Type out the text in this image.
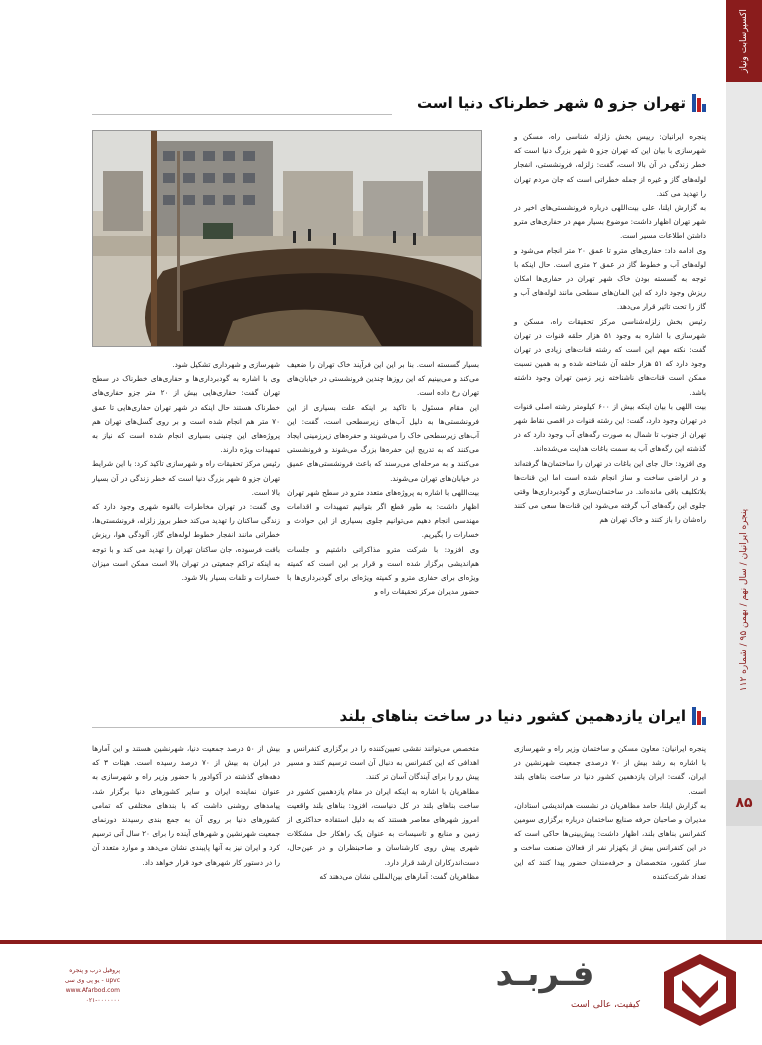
اکسپرسابت ونیاز
پنجره ایرانیان / سال نهم / بهمن ۹۵ / شماره ۱۱۲
۸۵
تهران جزو ۵ شهر خطرناک دنیا است

پنجره ایرانیان: رییس بخش زلزله شناسی راه، مسکن و شهرسازی با بیان این که تهران جزو ۵ شهر بزرگ دنیا است که خطر زندگی در آن بالا است، گفت: زلزله، فرونشستی، انفجار لوله‌های گاز و غیره از جمله خطراتی است که جان مردم تهران را تهدید می کند.

به گزارش ایلنا، علی بیت‌اللهی درباره فرونشستی‌های اخیر در شهر تهران اظهار داشت: موضوع بسیار مهم در حفاری‌های مترو داشتن اطلاعات مسیر است.

وی ادامه داد: حفاری‌های مترو تا عمق ۲۰ متر انجام می‌شود و لوله‌های آب و خطوط گاز در عمق ۲ متری است. حال اینکه با توجه به گسسته بودن خاک شهر تهران در حفاری‌ها امکان ریزش وجود دارد که این المان‌های سطحی مانند لوله‌های آب و گاز را تحت تاثیر قرار می‌دهد.

رئیس بخش زلزله‌شناسی مرکز تحقیقات راه، مسکن و شهرسازی با اشاره به وجود ۵۱ هزار حلقه قنوات در تهران گفت: نکته مهم این است که رشته قنات‌های زیادی در تهران وجود دارد که ۵۱ هزار حلقه آن شناخته شده و به همین نسبت ممکن است قنات‌های ناشناخته زیر زمین تهران وجود داشته باشد.

بیت اللهی با بیان اینکه بیش از ۶۰۰ کیلومتر رشته اصلی قنوات در تهران وجود دارد، گفت: این رشته قنوات در اقصی نقاط شهر تهران از جنوب تا شمال به صورت رگه‌های آب وجود دارد که در گذشته این رگه‌های آب به سمت باغات هدایت می‌شده‌اند.

وی افزود: حال جای این باغات در تهران را ساختمان‌ها گرفته‌اند و در اراضی ساخت و ساز انجام شده است اما این قنات‌ها بلاتکلیف باقی مانده‌اند. در ساختمان‌سازی و گودبرداری‌ها وقتی جلوی این رگه‌های آب گرفته می‌شود این قنات‌ها سعی می کنند راه‌شان را باز کنند و خاک تهران هم

بسیار گسسته است. بنا بر این این فرآیند خاک تهران را ضعیف می‌کند و می‌بینیم که این روزها چندین فرونشستی در خیابان‌های تهران رخ داده است.

این مقام مسئول با تاکید بر اینکه علت بسیاری از این فرونشستی‌ها به دلیل آب‌های زیرسطحی است، گفت: این آب‌های زیرسطحی خاک را می‌شویند و حفره‌های زیرزمینی ایجاد می‌کنند که به تدریج این حفره‌ها بزرگ می‌شوند و فرونشستی می‌کنند و به مرحله‌ای می‌رسند که باعث فرونشستی‌های عمیق در خیابان‌های تهران می‌شوند.

بیت‌اللهی با اشاره به پروژه‌های متعدد مترو در سطح شهر تهران اظهار داشت: به طور قطع اگر بتوانیم تمهیدات و اقدامات مهندسی انجام دهیم می‌توانیم جلوی بسیاری از این حوادث و خسارات را بگیریم.

وی افزود: با شرکت مترو مذاکراتی داشتیم و جلسات هم‌اندیشی برگزار شده است و قرار بر این است که کمیته ویژه‌ای برای حفاری مترو و کمیته ویژه‌ای برای گودبرداری‌ها با حضور مدیران مرکز تحقیقات راه و

شهرسازی و شهرداری تشکیل شود.

وی با اشاره به گودبرداری‌ها و حفاری‌های خطرناک در سطح تهران گفت: حفاری‌هایی بیش از ۲۰ متر جزو حفاری‌های خطرناک هستند حال اینکه در شهر تهران حفاری‌هایی تا عمق ۷۰ متر هم انجام شده است و بر روی گسل‌های تهران هم پروژه‌های این چنینی بسیاری انجام شده است که نیاز به تمهیدات ویژه دارند.

رئیس مرکز تحقیقات راه و شهرسازی تاکید کرد: با این شرایط تهران جزو ۵ شهر بزرگ دنیا است که خطر زندگی در آن بسیار بالا است.

وی گفت: در تهران مخاطرات بالقوه شهری وجود دارد که زندگی ساکنان را تهدید می‌کند خطر بروز زلزله، فرونشستی‌ها، خطراتی مانند انفجار خطوط لوله‌های گاز، آلودگی هوا، ریزش بافت فرسوده، جان ساکنان تهران را تهدید می کند و با توجه به اینکه تراکم جمعیتی در تهران بالا است ممکن است میزان خسارات و تلفات بسیار بالا شود.

ایران یازدهمین کشور دنیا در ساخت بناهای بلند

پنجره ایرانیان: معاون مسکن و ساختمان وزیر راه و شهرسازی با اشاره به رشد بیش از ۷۰ درصدی جمعیت شهرنشین در ایران، گفت: ایران یازدهمین کشور دنیا در ساخت بناهای بلند است.

به گزارش ایلنا، حامد مظاهریان در نشست هم‌اندیشی استادان، مدیران و صاحبان حرفه صنایع ساختمان درباره برگزاری سومین کنفرانس بناهای بلند، اظهار داشت: پیش‌بینی‌ها حاکی است که در این کنفرانس بیش از یکهزار نفر از فعالان صنعت ساخت و ساز کشور، متخصصان و حرفه‌مندان حضور پیدا کنند که این تعداد شرکت‌کننده

متخصص می‌توانند نقشی تعیین‌کننده را در برگزاری کنفرانس و اهدافی که این کنفرانس به دنبال آن است ترسیم کنند و مسیر پیش رو را برای آیندگان آسان تر کنند.

مظاهریان با اشاره به اینکه ایران در مقام یازدهمین کشور در ساخت بناهای بلند در کل دنیاست، افزود: بناهای بلند واقعیت امروز شهرهای معاصر هستند که به دلیل استفاده حداکثری از زمین و منابع و تاسیسات به عنوان یک راهکار حل مشکلات شهری پیش روی کارشناسان و صاحبنظران و در عین‌حال، دست‌اندرکاران ارشد قرار دارد.

مظاهریان گفت: آمارهای بین‌المللی نشان می‌دهند که

بیش از ۵۰ درصد جمعیت دنیا، شهرنشین هستند و این آمارها در ایران به بیش از ۷۰ درصد رسیده است. هیئات ۳ که دهه‌های گذشته در آکوادور با حضور وزیر راه و شهرسازی به عنوان نماینده ایران و سایر کشورهای دنیا برگزار شد، پیامدهای روشنی داشت که با بندهای مختلفی که تمامی کشورهای دنیا بر روی آن به جمع بندی رسیدند دورنمای جمعیت شهرنشین و شهرهای آینده را برای ۲۰ سال آتی ترسیم کرد و ایران نیز به آنها پایبندی نشان می‌دهد و موارد متعدد آن را در دستور کار شهرهای خود قرار خواهد داد.

پروفیل درب و پنجره
upvc - یو پی وی سی
www.Afarbod.com
۰۲۱-۰۰۰۰۰۰۰
فـربـد
کیفیت، عالی است
